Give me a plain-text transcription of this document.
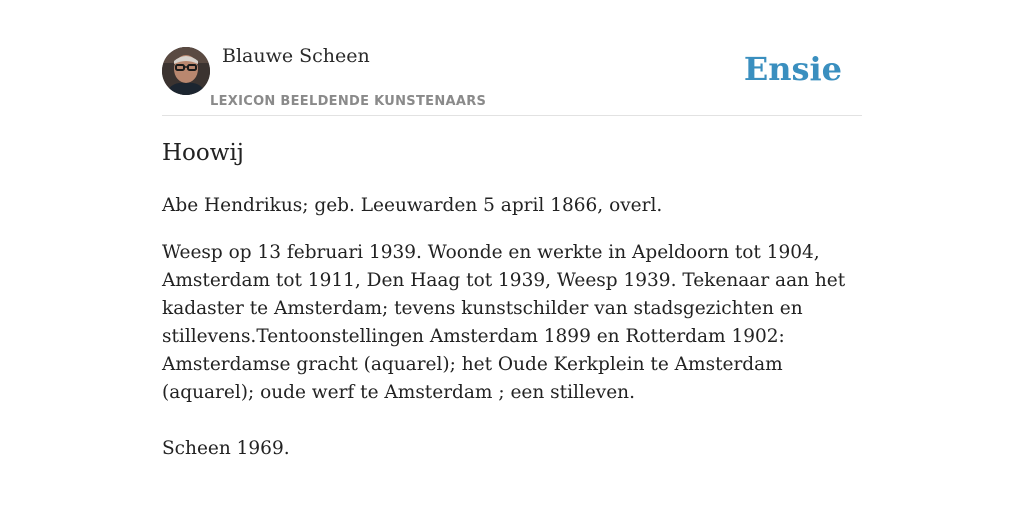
Blauwe Scheen
LEXICON BEELDENDE KUNSTENAARS
Ensie
Hoowij

Abe Hendrikus; geb. Leeuwarden 5 april 1866, overl.

Weesp op 13 februari 1939. Woonde en werkte in Apeldoorn tot 1904, Amsterdam tot 1911, Den Haag tot 1939, Weesp 1939. Tekenaar aan het kadaster te Amsterdam; tevens kunstschilder van stadsgezichten en stillevens.Tentoonstellingen Amsterdam 1899 en Rotterdam 1902: Amsterdamse gracht (aquarel); het Oude Kerkplein te Amsterdam (aquarel); oude werf te Amsterdam ; een stilleven.

Scheen 1969.
